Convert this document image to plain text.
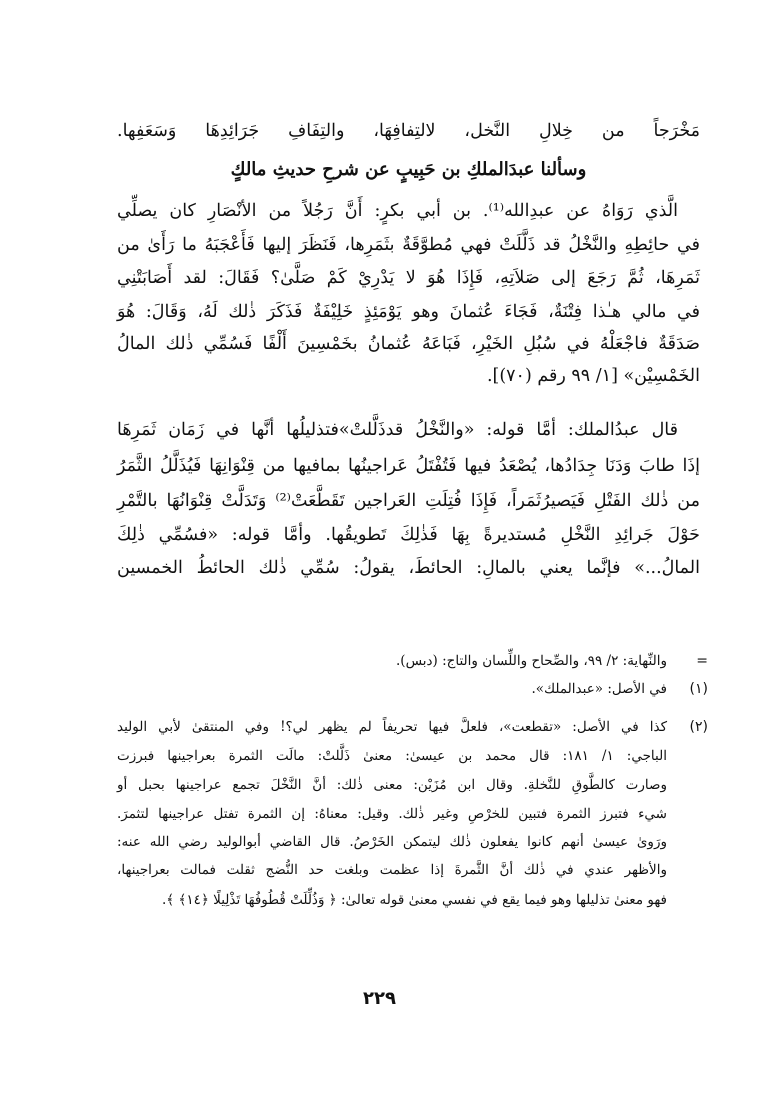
مَخْرَجاً من خِلالِ النَّخل، لالتِفافِهَا، والتِفَافِ جَرَائِدِهَا وَسَعَفِها.
وسألنا عبدَالملكِ بن حَبِيبٍ عن شرحِ حديثِ مالكٍ
الَّذي رَوَاهُ عن عبدِالله⁽¹⁾. بن أبي بكرٍ: أَنَّ رَجُلاً من الأنْصَارِ كان يصلِّي
في حائِطِهِ والنَّخْلُ قد ذَلَّلَتْ فهي مُطوَّقَةٌ بثَمَرِها، فَنَظَرَ إليها فَأَعْجَبَهُ ما رَأَىٰ من
ثَمَرِهَا، ثُمَّ رَجَعَ إلى صَلاَتِهِ، فَإِذَا هُوَ لا يَدْرِيْ كَمْ صَلَّىٰ؟ فَقَالَ: لقد أَصَابَتْنِي
في مالي هـٰذا فِتْنَةٌ، فَجَاءَ عُثمانَ وهو يَوْمَئِذٍ خَلِيْفَةٌ فَذَكَرَ ذٰلك لَهُ، وَقَالَ: هُوَ
صَدَقَةٌ فاجْعَلْهُ في سُبُلِ الخَيْرِ، فَبَاعَهُ عُثمانُ بخَمْسِينَ أَلْفًا فَسُمِّي ذٰلك المالُ
الخَمْسِيْن» [١/ ٩٩ رقم (٧٠)].
قال عبدُالملك: أمَّا قوله: «والنَّخْلُ قدذَلَّلتْ»فتذليلُها أنَّها في زَمَان ثَمَرِهَا
إذَا طابَ وَدَنَا جِدَادُها، يُصْعَدُ فيها فَتُفْتَلُ عَراجينُها بمافيها من قِنْوَانِهَا فَيُذَلَّلُ الثَّمَرُ
من ذٰلك الفَتْلِ فَيَصيرُثَمَراً، فَإِذَا فُتِلَتِ العَراجين تَقَطَّعَتْ⁽²⁾ وَتَدَلَّتْ قِنْوَانُهَا بالتَّمْرِ
حَوْلَ جَرائِدِ النَّخْلِ مُستديرةً بِهَا فَذٰلِكَ تَطويقُها. وأمَّا قوله: «فسُمِّي ذٰلِكَ
المالُ...» فإنَّما يعني بالمالِ: الحائطَ، يقولُ: سُمِّي ذٰلك الحائطُ الخمسين
=
والنِّهاية: ٢/ ٩٩، والصِّحاح واللِّسان والتاج: (دبس).
(١)
في الأصل: «عبدالملك».
(٢)
كذا في الأصل: «تقطعت»، فلعلَّ فيها تحريفاً لم يظهر لي؟! وفي المنتقىٰ لأبي الوليد
الباجي: ١/ ١٨١: قال محمد بن عيسىٰ: معنىٰ ذَلَّلتْ: مالَت الثمرة بعراجينها فبرزت
وصارت كالطَّوقِ للنَّخلةِ. وقال ابن مُزَيْن: معنى ذٰلك: أنَّ النَّخْلَ تجمع عراجينها بحبل أو
شيء فتبرز الثمرة فتبين للخرْصِ وغير ذٰلك. وقيل: معناهُ: إن الثمرة تفتل عراجينها لتثمرَ.
ورَوىٰ عيسىٰ أنهم كانوا يفعلون ذٰلك ليتمكن الخَرْصُ. قال القاضي أبوالوليد رضي الله عنه:
والأظهر عندي في ذٰلك أنَّ الثَّمرةَ إذا عظمت وبلغت حد النُّضج ثقلت فمالت بعراجينها،
فهو معنىٰ تذليلها وهو فيما يقع في نفسي معنىٰ قوله تعالىٰ: ﴿ وَذُلِّلَتْ قُطُوفُهَا تَذْلِيلًا ﴿١٤﴾ ﴾.
٢٢٩
